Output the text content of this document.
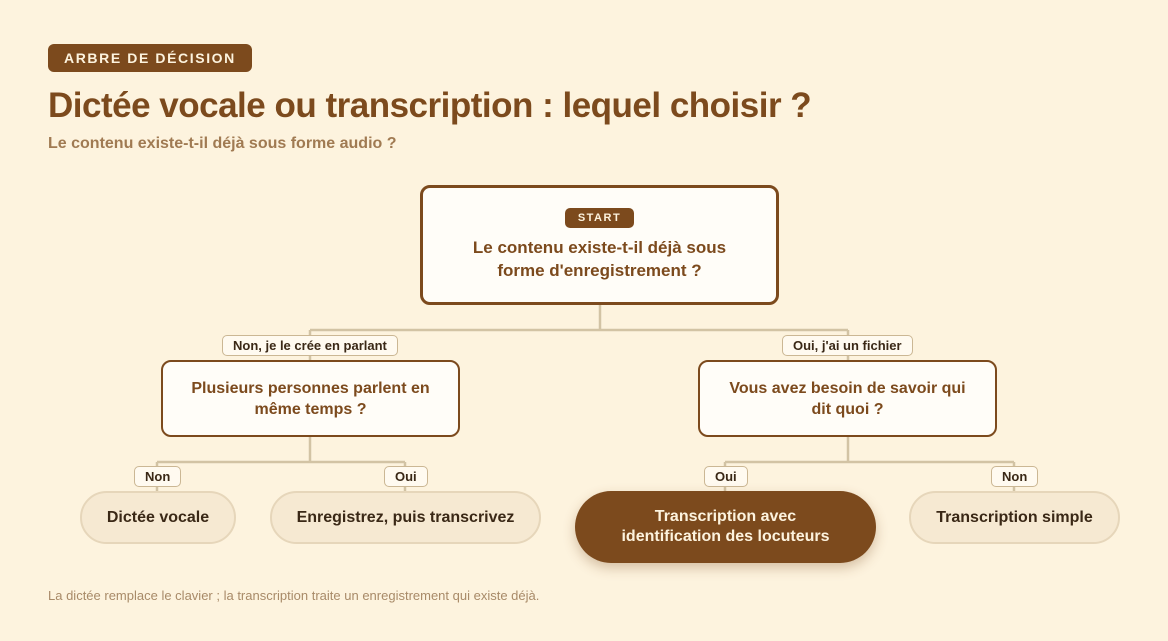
ARBRE DE DÉCISION
Dictée vocale ou transcription : lequel choisir ?
Le contenu existe-t-il déjà sous forme audio ?
START
Le contenu existe-t-il déjà sous
forme d'enregistrement ?
Non, je le crée en parlant	Oui, j'ai un fichier
Plusieurs personnes parlent en
même temps ?
Vous avez besoin de savoir qui
dit quoi ?
Non	Oui	Oui	Non
Dictée vocale	Enregistrez, puis transcrivez	Transcription avec
identification des locuteurs
Transcription simple
La dictée remplace le clavier ; la transcription traite un enregistrement qui existe déjà.
